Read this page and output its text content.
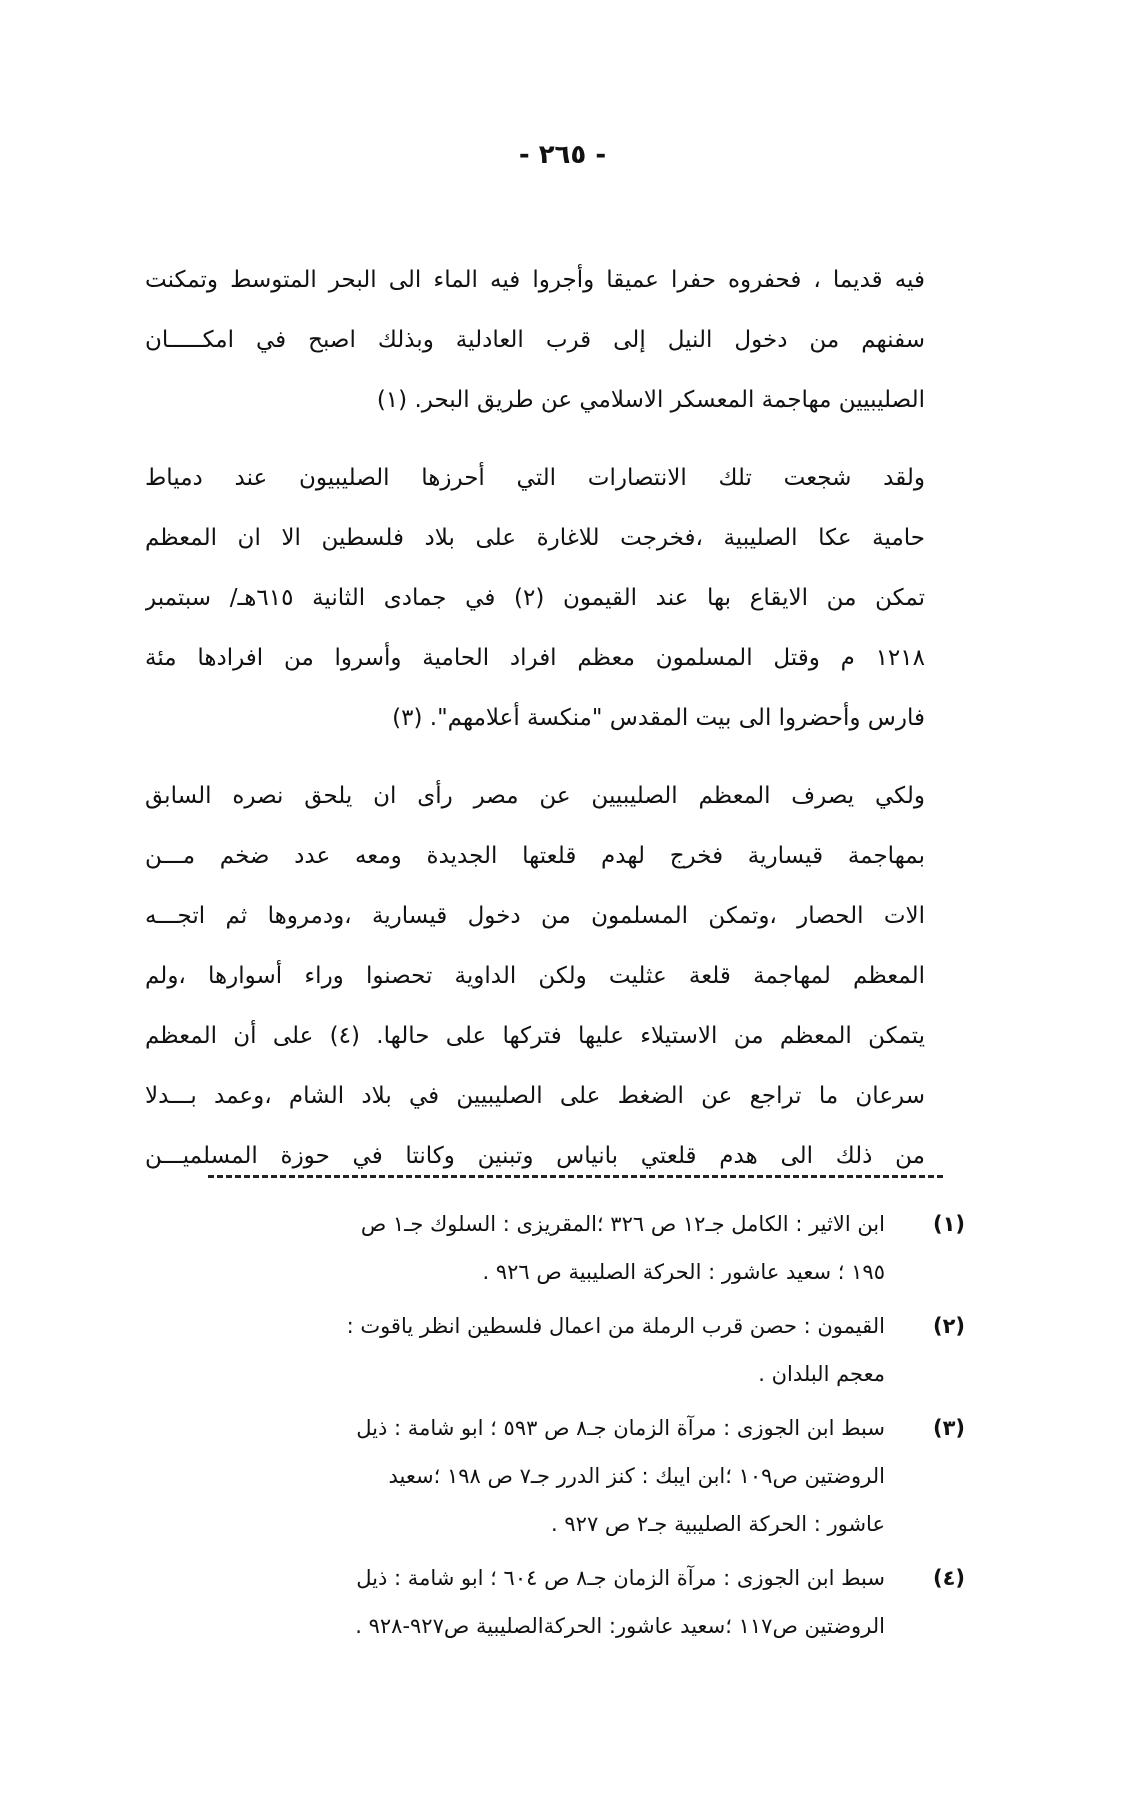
- ٢٦٥ -
فيه قديما ، فحفروه حفرا عميقا وأجروا فيه الماء الى البحر المتوسط وتمكنت
سفنهم من دخول النيل إلى قرب العادلية وبذلك اصبح في امكـــــان
الصليبيين مهاجمة المعسكر الاسلامي عن طريق البحر. (١)
ولقد شجعت تلك الانتصارات التي أحرزها الصليبيون عند دمياط
حامية عكا الصليبية ،فخرجت للاغارة على بلاد فلسطين الا ان المعظم
تمكن من الايقاع بها عند القيمون (٢) في جمادى الثانية ٦١٥هـ/ سبتمبر
١٢١٨ م وقتل المسلمون معظم افراد الحامية وأسروا من افرادها مئة
فارس وأحضروا الى بيت المقدس "منكسة أعلامهم". (٣)
ولكي يصرف المعظم الصليبيين عن مصر رأى ان يلحق نصره السابق
بمهاجمة قيسارية فخرج لهدم قلعتها الجديدة ومعه عدد ضخم مـــن
الات الحصار ،وتمكن المسلمون من دخول قيسارية ،ودمروها ثم اتجـــه
المعظم لمهاجمة قلعة عثليت ولكن الداوية تحصنوا وراء أسوارها ،ولم
يتمكن المعظم من الاستيلاء عليها فتركها على حالها. (٤) على أن المعظم
سرعان ما تراجع عن الضغط على الصليبيين في بلاد الشام ،وعمد بـــدلا
من ذلك الى هدم قلعتي بانياس وتبنين وكانتا في حوزة المسلميـــن
(١)
ابن الاثير : الكامل جـ١٢ ص ٣٢٦ ؛المقريزى : السلوك جـ١ ص
١٩٥ ؛ سعيد عاشور : الحركة الصليبية ص ٩٢٦ .
(٢)
القيمون : حصن قرب الرملة من اعمال فلسطين انظر ياقوت :
معجم البلدان .
(٣)
سبط ابن الجوزى : مرآة الزمان جـ٨ ص ٥٩٣ ؛ ابو شامة : ذيل
الروضتين ص١٠٩ ؛ابن ايبك : كنز الدرر جـ٧ ص ١٩٨ ؛سعيد
عاشور : الحركة الصليبية جـ٢ ص ٩٢٧ .
(٤)
سبط ابن الجوزى : مرآة الزمان جـ٨ ص ٦٠٤ ؛ ابو شامة : ذيل
الروضتين ص١١٧ ؛سعيد عاشور: الحركةالصليبية ص٩٢٧-٩٢٨ .
